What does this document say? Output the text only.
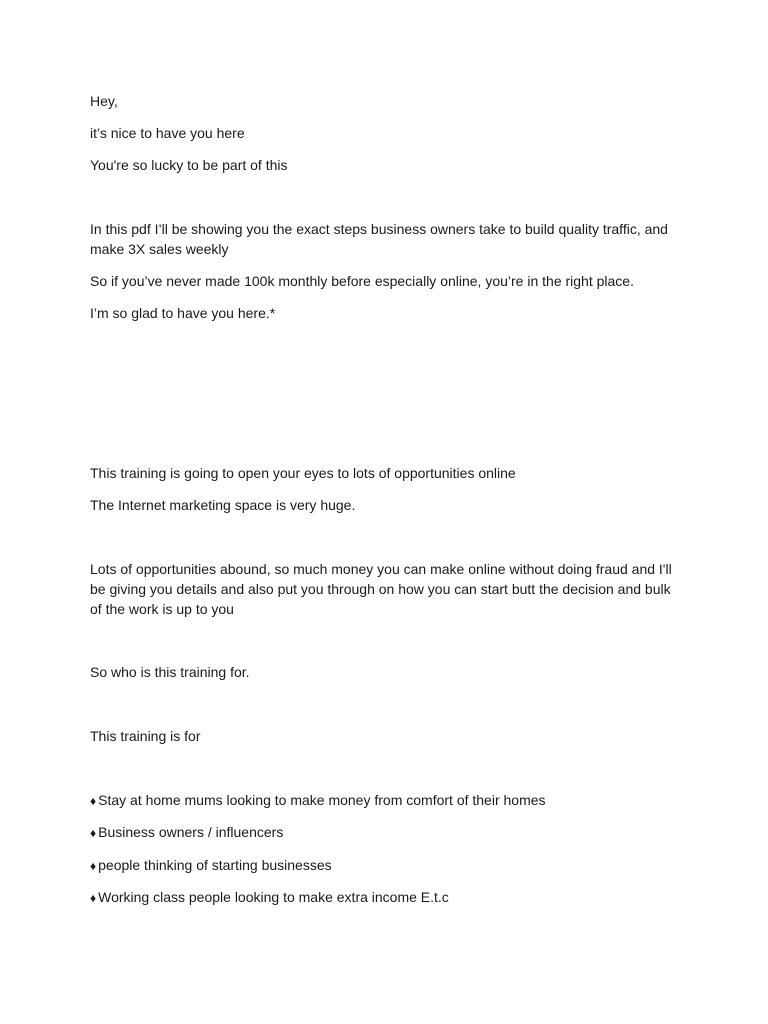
Hey,

it’s nice to have you here

You're so lucky to be part of this

In this pdf I’ll be showing you the exact steps business owners take to build quality traffic, and make 3X sales weekly

So if you’ve never made 100k monthly before especially online, you’re in the right place.

I’m so glad to have you here.*

This training is going to open your eyes to lots of opportunities online

The Internet marketing space is very huge.

Lots of opportunities abound, so much money you can make online without doing fraud and I'll be giving you details and also put you through on how you can start butt the decision and bulk of the work is up to you

So who is this training for.

This training is for

♦ Stay at home mums looking to make money from comfort of their homes
♦ Business owners / influencers
♦ people thinking of starting businesses
♦ Working class people looking to make extra income E.t.c
